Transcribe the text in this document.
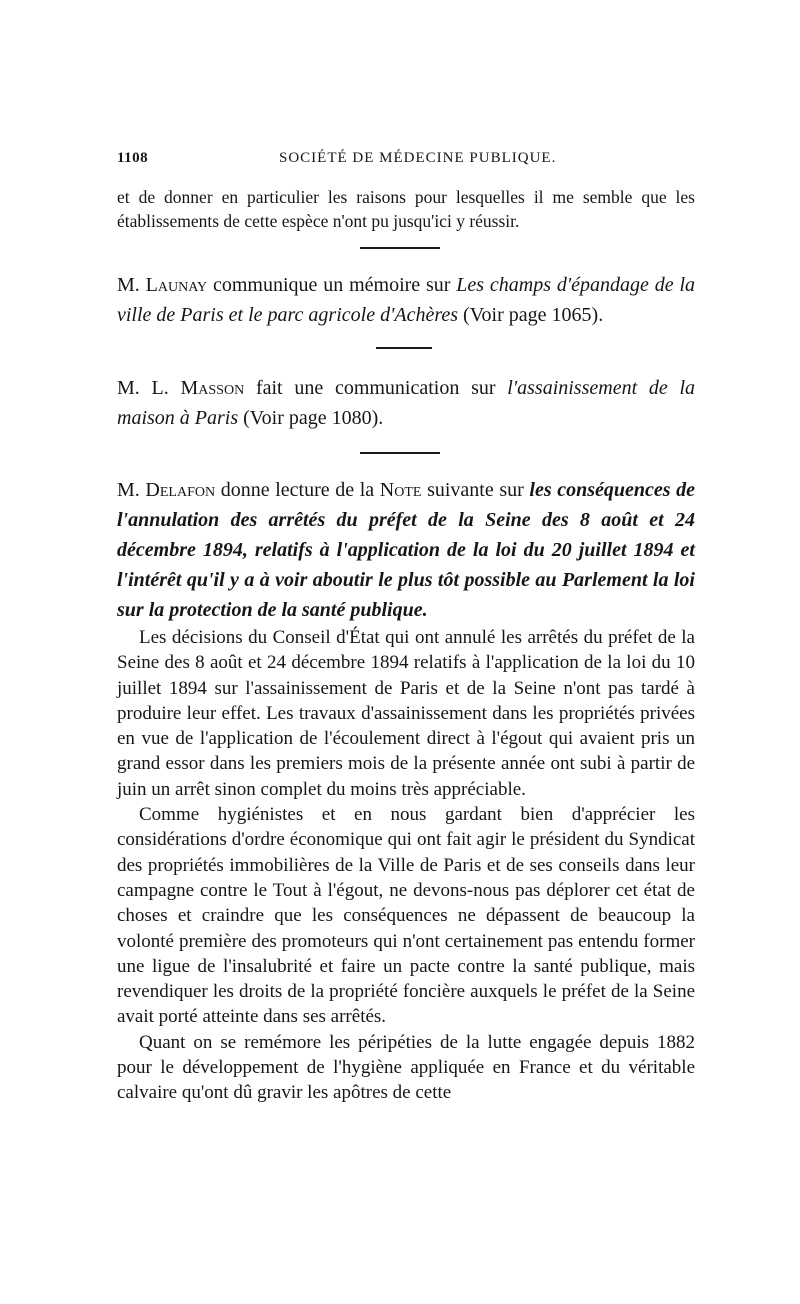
1108	SOCIÉTÉ DE MÉDECINE PUBLIQUE.

et de donner en particulier les raisons pour lesquelles il me semble que les établissements de cette espèce n'ont pu jusqu'ici y réussir.

M. Launay communique un mémoire sur Les champs d'épandage de la ville de Paris et le parc agricole d'Achères (Voir page 1065).

M. L. Masson fait une communication sur l'assainissement de la maison à Paris (Voir page 1080).

M. Delafon donne lecture de la Note suivante sur les conséquences de l'annulation des arrêtés du préfet de la Seine des 8 août et 24 décembre 1894, relatifs à l'application de la loi du 20 juillet 1894 et l'intérêt qu'il y a à voir aboutir le plus tôt possible au Parlement la loi sur la protection de la santé publique.

Les décisions du Conseil d'État qui ont annulé les arrêtés du préfet de la Seine des 8 août et 24 décembre 1894 relatifs à l'application de la loi du 10 juillet 1894 sur l'assainissement de Paris et de la Seine n'ont pas tardé à produire leur effet. Les travaux d'assainissement dans les propriétés privées en vue de l'application de l'écoulement direct à l'égout qui avaient pris un grand essor dans les premiers mois de la présente année ont subi à partir de juin un arrêt sinon complet du moins très appréciable.

Comme hygiénistes et en nous gardant bien d'apprécier les considérations d'ordre économique qui ont fait agir le président du Syndicat des propriétés immobilières de la Ville de Paris et de ses conseils dans leur campagne contre le Tout à l'égout, ne devons-nous pas déplorer cet état de choses et craindre que les conséquences ne dépassent de beaucoup la volonté première des promoteurs qui n'ont certainement pas entendu former une ligue de l'insalubrité et faire un pacte contre la santé publique, mais revendiquer les droits de la propriété foncière auxquels le préfet de la Seine avait porté atteinte dans ses arrêtés.

Quant on se remémore les péripéties de la lutte engagée depuis 1882 pour le développement de l'hygiène appliquée en France et du véritable calvaire qu'ont dû gravir les apôtres de cette
